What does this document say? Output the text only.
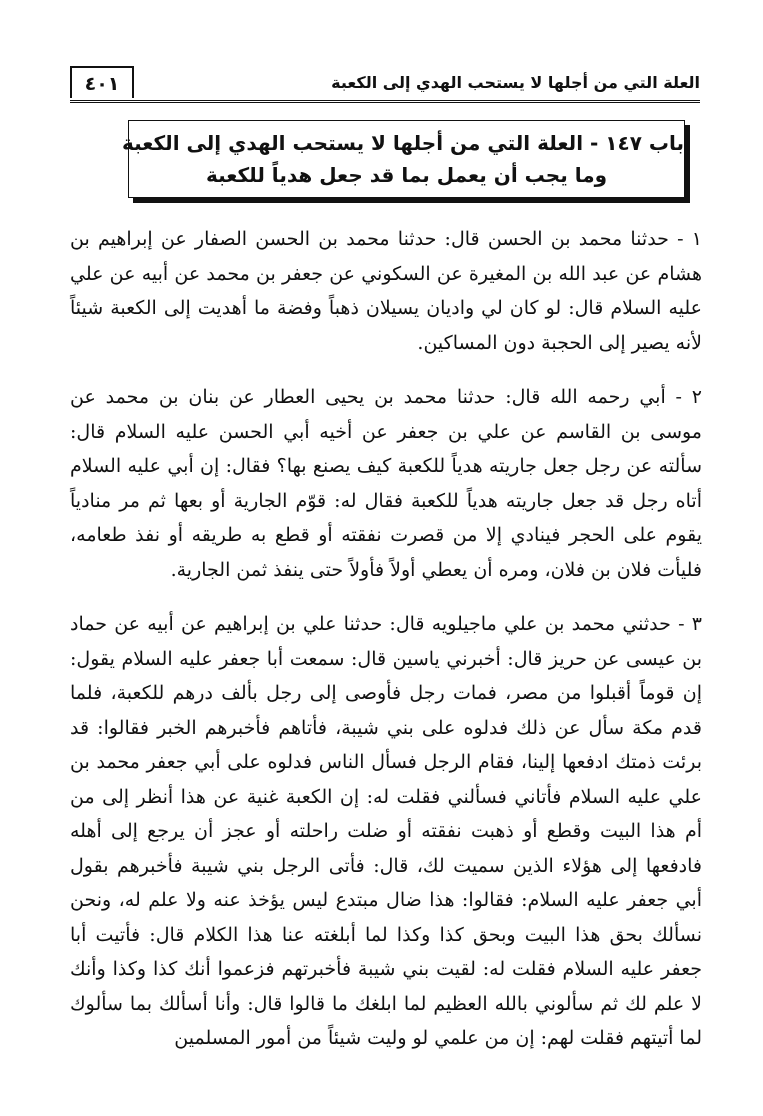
٤٠١	العلة التي من أجلها لا يستحب الهدي إلى الكعبة
باب ١٤٧ - العلة التي من أجلها لا يستحب الهدي إلى الكعبة
وما يجب أن يعمل بما قد جعل هدياً للكعبة

١ - حدثنا محمد بن الحسن قال: حدثنا محمد بن الحسن الصفار عن إبراهيم بن هشام عن عبد الله بن المغيرة عن السكوني عن جعفر بن محمد عن أبيه عن علي عليه السلام قال: لو كان لي واديان يسيلان ذهباً وفضة ما أهديت إلى الكعبة شيئاً لأنه يصير إلى الحجبة دون المساكين.

٢ - أبي رحمه الله قال: حدثنا محمد بن يحيى العطار عن بنان بن محمد عن موسى بن القاسم عن علي بن جعفر عن أخيه أبي الحسن عليه السلام قال: سألته عن رجل جعل جاريته هدياً للكعبة كيف يصنع بها؟ فقال: إن أبي عليه السلام أتاه رجل قد جعل جاريته هدياً للكعبة فقال له: قوّم الجارية أو بعها ثم مر منادياً يقوم على الحجر فينادي إلا من قصرت نفقته أو قطع به طريقه أو نفذ طعامه، فليأت فلان بن فلان، ومره أن يعطي أولاً فأولاً حتى ينفذ ثمن الجارية.

٣ - حدثني محمد بن علي ماجيلويه قال: حدثنا علي بن إبراهيم عن أبيه عن حماد بن عيسى عن حريز قال: أخبرني ياسين قال: سمعت أبا جعفر عليه السلام يقول: إن قوماً أقبلوا من مصر، فمات رجل فأوصى إلى رجل بألف درهم للكعبة، فلما قدم مكة سأل عن ذلك فدلوه على بني شيبة، فأتاهم فأخبرهم الخبر فقالوا: قد برئت ذمتك ادفعها إلينا، فقام الرجل فسأل الناس فدلوه على أبي جعفر محمد بن علي عليه السلام فأتاني فسألني فقلت له: إن الكعبة غنية عن هذا أنظر إلى من أم هذا البيت وقطع أو ذهبت نفقته أو ضلت راحلته أو عجز أن يرجع إلى أهله فادفعها إلى هؤلاء الذين سميت لك، قال: فأتى الرجل بني شيبة فأخبرهم بقول أبي جعفر عليه السلام: فقالوا: هذا ضال مبتدع ليس يؤخذ عنه ولا علم له، ونحن نسألك بحق هذا البيت وبحق كذا وكذا لما أبلغته عنا هذا الكلام قال: فأتيت أبا جعفر عليه السلام فقلت له: لقيت بني شيبة فأخبرتهم فزعموا أنك كذا وكذا وأنك لا علم لك ثم سألوني بالله العظيم لما ابلغك ما قالوا قال: وأنا أسألك بما سألوك لما أتيتهم فقلت لهم: إن من علمي لو وليت شيئاً من أمور المسلمين
